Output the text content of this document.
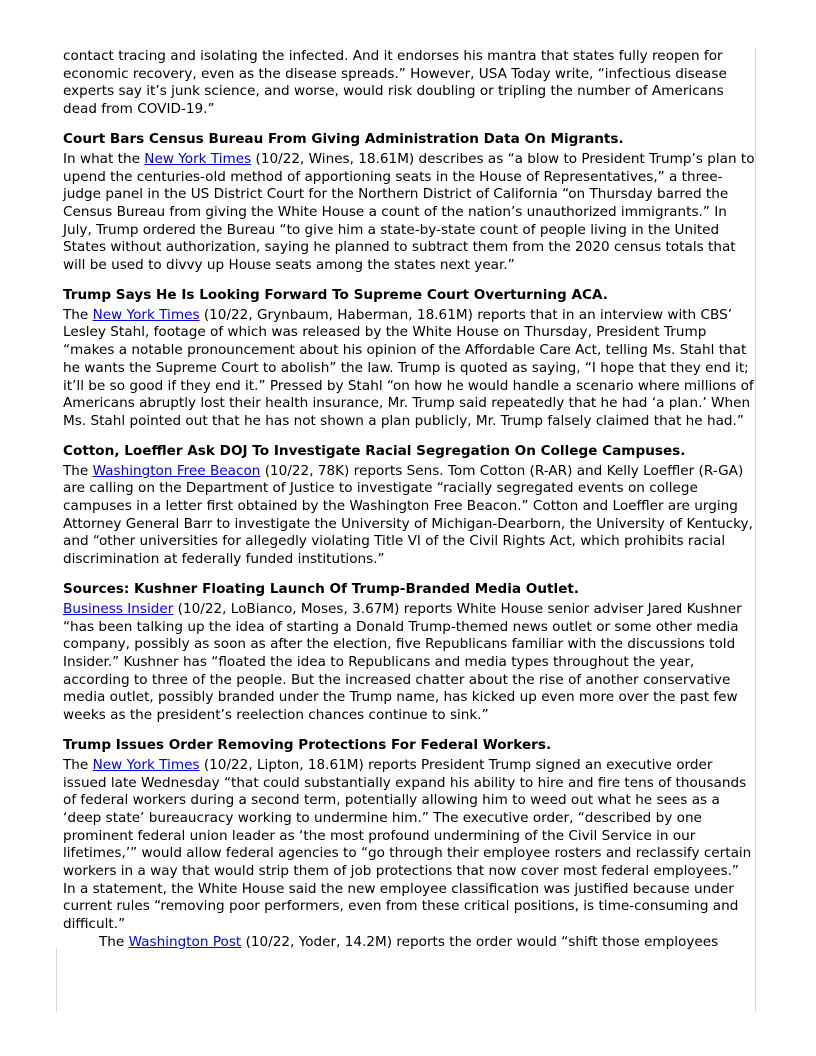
contact tracing and isolating the infected. And it endorses his mantra that states fully reopen for economic recovery, even as the disease spreads.” However, USA Today write, “infectious disease experts say it’s junk science, and worse, would risk doubling or tripling the number of Americans dead from COVID-19.”

Court Bars Census Bureau From Giving Administration Data On Migrants.

In what the New York Times (10/22, Wines, 18.61M) describes as “a blow to President Trump’s plan to upend the centuries-old method of apportioning seats in the House of Representatives,” a three-judge panel in the US District Court for the Northern District of California “on Thursday barred the Census Bureau from giving the White House a count of the nation’s unauthorized immigrants.” In July, Trump ordered the Bureau “to give him a state-by-state count of people living in the United States without authorization, saying he planned to subtract them from the 2020 census totals that will be used to divvy up House seats among the states next year.”

Trump Says He Is Looking Forward To Supreme Court Overturning ACA.

The New York Times (10/22, Grynbaum, Haberman, 18.61M) reports that in an interview with CBS’ Lesley Stahl, footage of which was released by the White House on Thursday, President Trump “makes a notable pronouncement about his opinion of the Affordable Care Act, telling Ms. Stahl that he wants the Supreme Court to abolish” the law. Trump is quoted as saying, “I hope that they end it; it’ll be so good if they end it.” Pressed by Stahl “on how he would handle a scenario where millions of Americans abruptly lost their health insurance, Mr. Trump said repeatedly that he had ‘a plan.’ When Ms. Stahl pointed out that he has not shown a plan publicly, Mr. Trump falsely claimed that he had.”

Cotton, Loeffler Ask DOJ To Investigate Racial Segregation On College Campuses.

The Washington Free Beacon (10/22, 78K) reports Sens. Tom Cotton (R-AR) and Kelly Loeffler (R-GA) are calling on the Department of Justice to investigate “racially segregated events on college campuses in a letter first obtained by the Washington Free Beacon.” Cotton and Loeffler are urging Attorney General Barr to investigate the University of Michigan-Dearborn, the University of Kentucky, and “other universities for allegedly violating Title VI of the Civil Rights Act, which prohibits racial discrimination at federally funded institutions.”

Sources: Kushner Floating Launch Of Trump-Branded Media Outlet.

Business Insider (10/22, LoBianco, Moses, 3.67M) reports White House senior adviser Jared Kushner “has been talking up the idea of starting a Donald Trump-themed news outlet or some other media company, possibly as soon as after the election, five Republicans familiar with the discussions told Insider.” Kushner has “floated the idea to Republicans and media types throughout the year, according to three of the people. But the increased chatter about the rise of another conservative media outlet, possibly branded under the Trump name, has kicked up even more over the past few weeks as the president’s reelection chances continue to sink.”

Trump Issues Order Removing Protections For Federal Workers.

The New York Times (10/22, Lipton, 18.61M) reports President Trump signed an executive order issued late Wednesday “that could substantially expand his ability to hire and fire tens of thousands of federal workers during a second term, potentially allowing him to weed out what he sees as a ‘deep state’ bureaucracy working to undermine him.” The executive order, “described by one prominent federal union leader as ‘the most profound undermining of the Civil Service in our lifetimes,’” would allow federal agencies to “go through their employee rosters and reclassify certain workers in a way that would strip them of job protections that now cover most federal employees.” In a statement, the White House said the new employee classification was justified because under current rules “removing poor performers, even from these critical positions, is time-consuming and difficult.”

The Washington Post (10/22, Yoder, 14.2M) reports the order would “shift those employees
